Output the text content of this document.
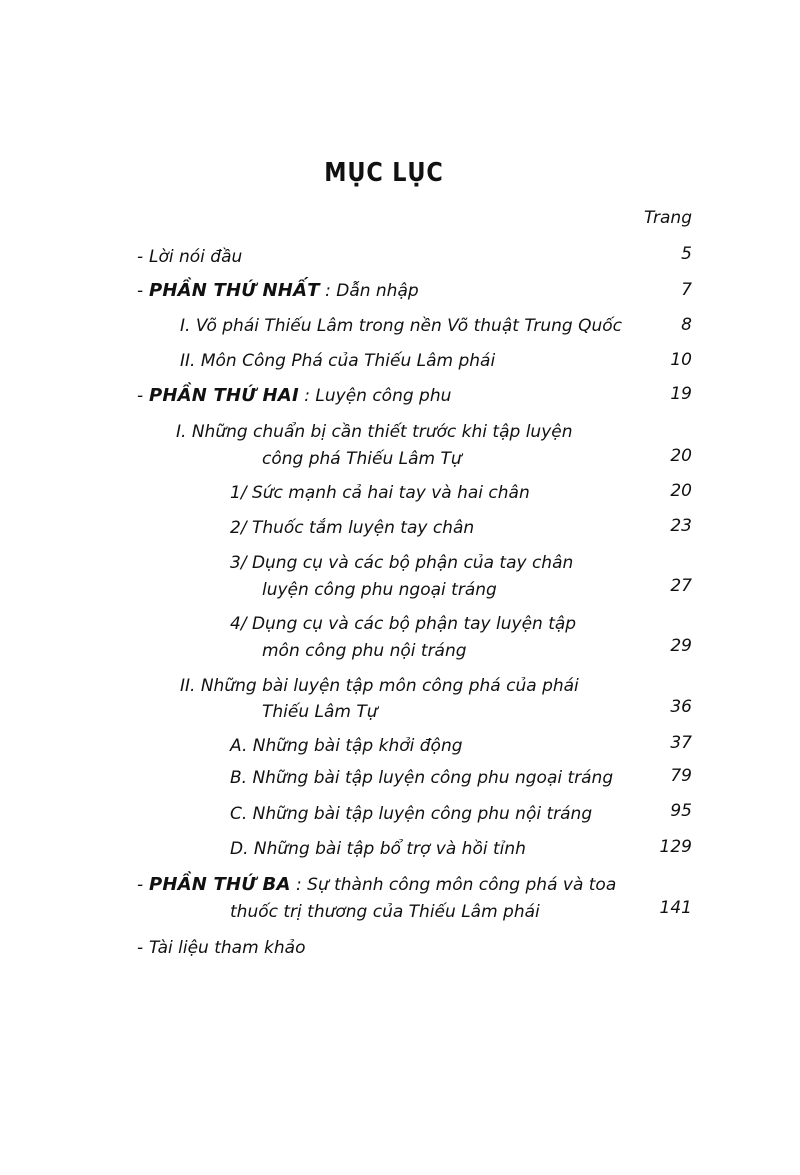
MỤC LỤC
Trang
- Lời nói đầu	5
- PHẦN THỨ NHẤT : Dẫn nhập	7
I. Võ phái Thiếu Lâm trong nền Võ thuật Trung Quốc	8
II. Môn Công Phá của Thiếu Lâm phái	10
- PHẦN THỨ HAI : Luyện công phu	19
I. Những chuẩn bị cần thiết trước khi tập luyện
công phá Thiếu Lâm Tự	20
1/ Sức mạnh cả hai tay và hai chân	20
2/ Thuốc tắm luyện tay chân	23
3/ Dụng cụ và các bộ phận của tay chân
luyện công phu ngoại tráng	27
4/ Dụng cụ và các bộ phận tay luyện tập
môn công phu nội tráng	29
II. Những bài luyện tập môn công phá của phái
Thiếu Lâm Tự	36
A. Những bài tập khởi động	37
B. Những bài tập luyện công phu ngoại tráng	79
C. Những bài tập luyện công phu nội tráng	95
D. Những bài tập bổ trợ và hồi tỉnh	129
- PHẦN THỨ BA : Sự thành công môn công phá và toa
thuốc trị thương của Thiếu Lâm phái	141
- Tài liệu tham khảo
